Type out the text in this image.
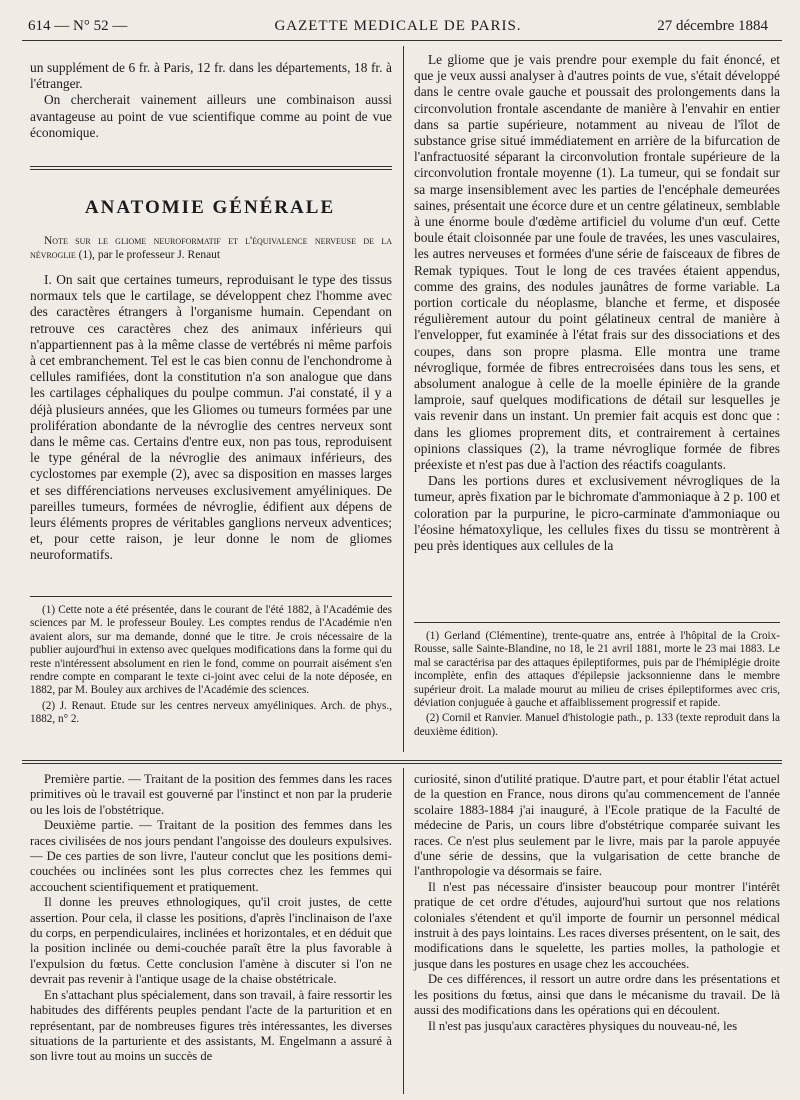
614 — N° 52 —	GAZETTE MEDICALE DE PARIS.	27 décembre 1884

un supplément de 6 fr. à Paris, 12 fr. dans les départements, 18 fr. à l'étranger.

On chercherait vainement ailleurs une combinaison aussi avantageuse au point de vue scientifique comme au point de vue économique.

ANATOMIE GÉNÉRALE
Note sur le gliome neuroformatif et l'équivalence nerveuse de la névroglie (1), par le professeur J. Renaut

I. On sait que certaines tumeurs, reproduisant le type des tissus normaux tels que le cartilage, se développent chez l'homme avec des caractères étrangers à l'organisme humain. Cependant on retrouve ces caractères chez des animaux inférieurs qui n'appartiennent pas à la même classe de vertébrés ni même parfois à cet embranchement. Tel est le cas bien connu de l'enchondrome à cellules ramifiées, dont la constitution n'a son analogue que dans les cartilages céphaliques du poulpe commun. J'ai constaté, il y a déjà plusieurs années, que les Gliomes ou tumeurs formées par une prolifération abondante de la névroglie des centres nerveux sont dans le même cas. Certains d'entre eux, non pas tous, reproduisent le type général de la névroglie des animaux inférieurs, des cyclostomes par exemple (2), avec sa disposition en masses larges et ses différenciations nerveuses exclusivement amyéliniques. De pareilles tumeurs, formées de névroglie, édifient aux dépens de leurs éléments propres de véritables ganglions nerveux adventices; et, pour cette raison, je leur donne le nom de gliomes neuroformatifs.

(1) Cette note a été présentée, dans le courant de l'été 1882, à l'Académie des sciences par M. le professeur Bouley. Les comptes rendus de l'Académie n'en avaient alors, sur ma demande, donné que le titre. Je crois nécessaire de la publier aujourd'hui in extenso avec quelques modifications dans la forme qui du reste n'intéressent absolument en rien le fond, comme on pourrait aisément s'en rendre compte en comparant le texte ci-joint avec celui de la note déposée, en 1882, par M. Bouley aux archives de l'Académie des sciences.

(2) J. Renaut. Etude sur les centres nerveux amyéliniques. Arch. de phys., 1882, n° 2.

Le gliome que je vais prendre pour exemple du fait énoncé, et que je veux aussi analyser à d'autres points de vue, s'était développé dans le centre ovale gauche et poussait des prolongements dans la circonvolution frontale ascendante de manière à l'envahir en entier dans sa partie supérieure, notamment au niveau de l'îlot de substance grise situé immédiatement en arrière de la bifurcation de l'anfractuosité séparant la circonvolution frontale supérieure de la circonvolution frontale moyenne (1). La tumeur, qui se fondait sur sa marge insensiblement avec les parties de l'encéphale demeurées saines, présentait une écorce dure et un centre gélatineux, semblable à une énorme boule d'œdème artificiel du volume d'un œuf. Cette boule était cloisonnée par une foule de travées, les unes vasculaires, les autres nerveuses et formées d'une série de faisceaux de fibres de Remak typiques. Tout le long de ces travées étaient appendus, comme des grains, des nodules jaunâtres de forme variable. La portion corticale du néoplasme, blanche et ferme, et disposée régulièrement autour du point gélatineux central de manière à l'envelopper, fut examinée à l'état frais sur des dissociations et des coupes, dans son propre plasma. Elle montra une trame névroglique, formée de fibres entrecroisées dans tous les sens, et absolument analogue à celle de la moelle épinière de la grande lamproie, sauf quelques modifications de détail sur lesquelles je vais revenir dans un instant. Un premier fait acquis est donc que : dans les gliomes proprement dits, et contrairement à certaines opinions classiques (2), la trame névroglique formée de fibres préexiste et n'est pas due à l'action des réactifs coagulants.

Dans les portions dures et exclusivement névrogliques de la tumeur, après fixation par le bichromate d'ammoniaque à 2 p. 100 et coloration par la purpurine, le picro-carminate d'ammoniaque ou l'éosine hématoxylique, les cellules fixes du tissu se montrèrent à peu près identiques aux cellules de la

(1) Gerland (Clémentine), trente-quatre ans, entrée à l'hôpital de la Croix-Rousse, salle Sainte-Blandine, no 18, le 21 avril 1881, morte le 23 mai 1883. Le mal se caractérisa par des attaques épileptiformes, puis par de l'hémiplégie droite incomplète, enfin des attaques d'épilepsie jacksonnienne dans le membre supérieur droit. La malade mourut au milieu de crises épileptiformes avec cris, déviation conjuguée à gauche et affaiblissement progressif et rapide.

(2) Cornil et Ranvier. Manuel d'histologie path., p. 133 (texte reproduit dans la deuxième édition).

Première partie. — Traitant de la position des femmes dans les races primitives où le travail est gouverné par l'instinct et non par la pruderie ou les lois de l'obstétrique.

Deuxième partie. — Traitant de la position des femmes dans les races civilisées de nos jours pendant l'angoisse des douleurs expulsives. — De ces parties de son livre, l'auteur conclut que les positions demi-couchées ou inclinées sont les plus correctes chez les femmes qui accouchent scientifiquement et pratiquement.

Il donne les preuves ethnologiques, qu'il croit justes, de cette assertion. Pour cela, il classe les positions, d'après l'inclinaison de l'axe du corps, en perpendiculaires, inclinées et horizontales, et en déduit que la position inclinée ou demi-couchée paraît être la plus favorable à l'expulsion du fœtus. Cette conclusion l'amène à discuter si l'on ne devrait pas revenir à l'antique usage de la chaise obstétricale.

En s'attachant plus spécialement, dans son travail, à faire ressortir les habitudes des différents peuples pendant l'acte de la parturition et en représentant, par de nombreuses figures très intéressantes, les diverses situations de la parturiente et des assistants, M. Engelmann a assuré à son livre tout au moins un succès de

curiosité, sinon d'utilité pratique. D'autre part, et pour établir l'état actuel de la question en France, nous dirons qu'au commencement de l'année scolaire 1883-1884 j'ai inauguré, à l'Ecole pratique de la Faculté de médecine de Paris, un cours libre d'obstétrique comparée suivant les races. Ce n'est plus seulement par le livre, mais par la parole appuyée d'une série de dessins, que la vulgarisation de cette branche de l'anthropologie va désormais se faire.

Il n'est pas nécessaire d'insister beaucoup pour montrer l'intérêt pratique de cet ordre d'études, aujourd'hui surtout que nos relations coloniales s'étendent et qu'il importe de fournir un personnel médical instruit à des pays lointains. Les races diverses présentent, on le sait, des modifications dans le squelette, les parties molles, la pathologie et jusque dans les postures en usage chez les accouchées.

De ces différences, il ressort un autre ordre dans les présentations et les positions du fœtus, ainsi que dans le mécanisme du travail. De là aussi des modifications dans les opérations qui en découlent.

Il n'est pas jusqu'aux caractères physiques du nouveau-né, les
